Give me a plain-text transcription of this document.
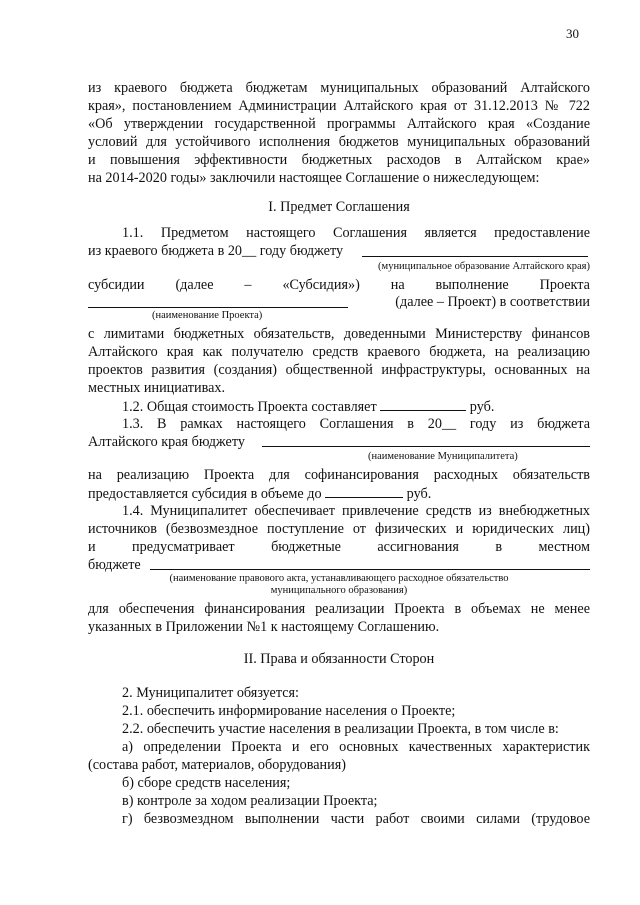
30
из краевого бюджета бюджетам муниципальных образований Алтайского
края», постановлением Администрации Алтайского края от 31.12.2013 № 722
«Об утверждении государственной программы Алтайского края «Создание
условий для устойчивого исполнения бюджетов муниципальных образований
и повышения эффективности бюджетных расходов в Алтайском крае»
на 2014-2020 годы» заключили настоящее Соглашение о нижеследующем:
I. Предмет Соглашения
1.1. Предметом настоящего Соглашения является предоставление
из краевого бюджета в 20__ году бюджету
(муниципальное образование Алтайского края)
субсидии (далее – «Субсидия») на выполнение Проекта
(далее – Проект) в соответствии
(наименование Проекта)
с лимитами бюджетных обязательств, доведенными Министерству финансов
Алтайского края как получателю средств краевого бюджета, на реализацию
проектов развития (создания) общественной инфраструктуры, основанных на
местных инициативах.
1.2. Общая стоимость Проекта составляет	руб.
1.3. В рамках настоящего Соглашения в 20__ году из бюджета
Алтайского края бюджету
(наименование Муниципалитета)
на реализацию Проекта для софинансирования расходных обязательств
предоставляется субсидия в объеме до	руб.
1.4. Муниципалитет обеспечивает привлечение средств из внебюджетных
источников (безвозмездное поступление от физических и юридических лиц)
и	предусматривает	бюджетные	ассигнования	в	местном
бюджете
(наименование правового акта, устанавливающего расходное обязательство
муниципального образования)
для обеспечения финансирования реализации Проекта в объемах не менее
указанных в Приложении №1 к настоящему Соглашению.
II. Права и обязанности Сторон
2. Муниципалитет обязуется:
2.1. обеспечить информирование населения о Проекте;
2.2. обеспечить участие населения в реализации Проекта, в том числе в:
а) определении Проекта и его основных качественных характеристик
(состава работ, материалов, оборудования)
б) сборе средств населения;
в) контроле за ходом реализации Проекта;
г) безвозмездном выполнении части работ своими силами (трудовое
